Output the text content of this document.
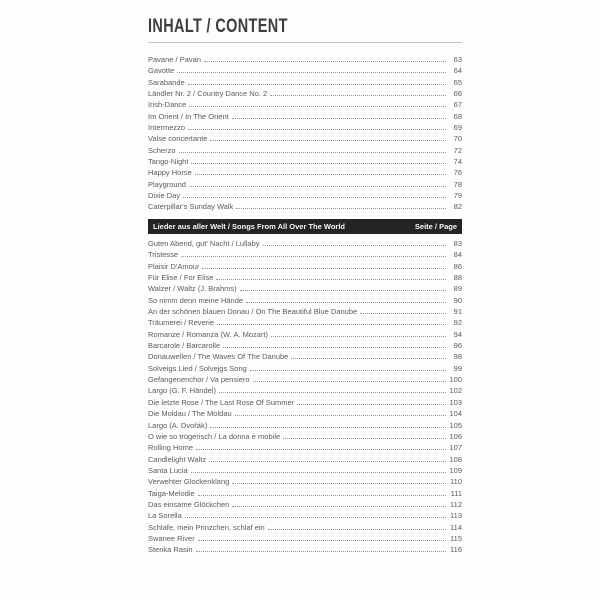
INHALT / CONTENT
Pavane / Pavan	63
Gavotte	64
Sarabande	65
Ländler Nr. 2 / Country Dance No. 2	66
Irish-Dance	67
Im Orient / In The Orient	68
Intermezzo	69
Valse concertante	70
Scherzo	72
Tango-Night	74
Happy Horse	76
Playground	78
Dixie Day	79
Caterpillar's Sunday Walk	82
Lieder aus aller Welt / Songs From All Over The World	Seite / Page
Guten Abend, gut' Nacht / Lullaby	83
Tristesse	84
Plaisir D'Amour	86
Für Elise / For Elise	88
Walzer / Waltz (J. Brahms)	89
So nimm denn meine Hände	90
An der schönen blauen Donau / On The Beautiful Blue Danube	91
Träumerei / Reverie	92
Romanze / Romanza (W. A. Mozart)	94
Barcarole / Barcarolle	96
Donauwellen / The Waves Of The Danube	98
Solveigs Lied / Solvejgs Song	99
Gefangenenchor / Va pensiero	100
Largo (G. F. Händel)	102
Die letzte Rose / The Last Rose Of Summer	103
Die Moldau / The Moldau	104
Largo (A. Dvořák)	105
O wie so trügerisch / La donna è mobile	106
Rolling Home	107
Candlelight Waltz	108
Santa Lucia	109
Verwehter Glockenklang	110
Taiga-Melodie	111
Das einsame Glöckchen	112
La Sorella	113
Schlafe, mein Prinzchen, schlaf ein	114
Swanee River	115
Stenka Rasin	116
